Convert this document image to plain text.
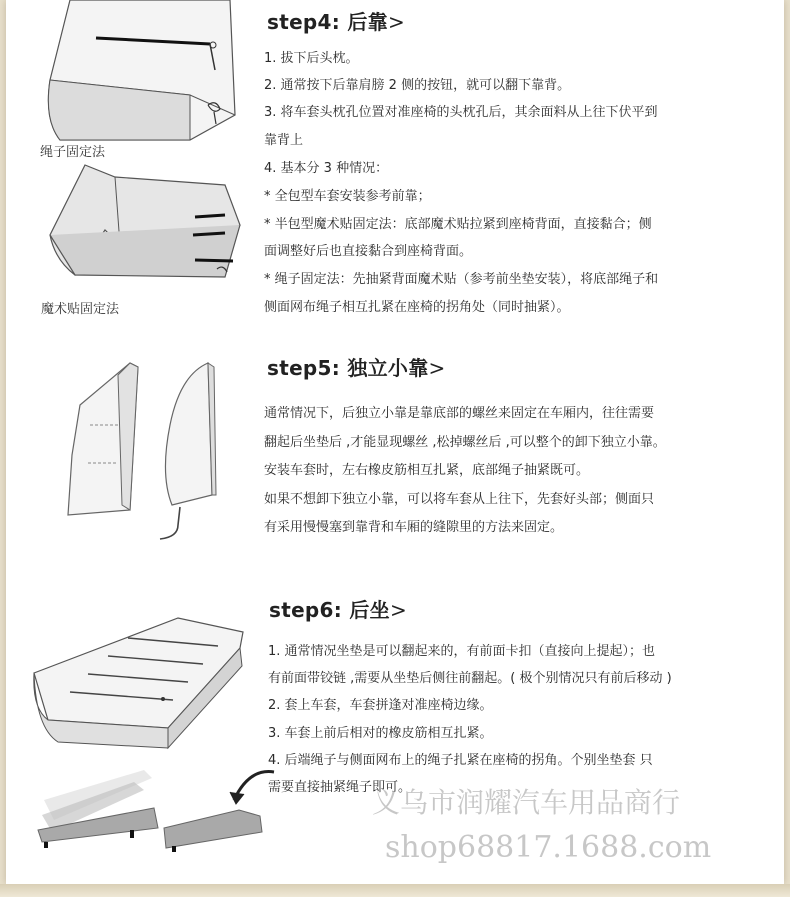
step4: 后靠>
1. 拔下后头枕。
2. 通常按下后靠肩膀 2 侧的按钮，就可以翻下靠背。
3. 将车套头枕孔位置对准座椅的头枕孔后，其余面料从上往下伏平到
靠背上
4. 基本分 3 种情况：
* 全包型车套安装参考前靠；
* 半包型魔术贴固定法：底部魔术贴拉紧到座椅背面，直接黏合；侧
面调整好后也直接黏合到座椅背面。
* 绳子固定法：先抽紧背面魔术贴（参考前坐垫安装），将底部绳子和
侧面网布绳子相互扎紧在座椅的拐角处（同时抽紧）。
绳子固定法
魔术贴固定法
step5: 独立小靠>
通常情况下，后独立小靠是靠底部的螺丝来固定在车厢内，往往需要
翻起后坐垫后 ,才能显现螺丝 ,松掉螺丝后 ,可以整个的卸下独立小靠。
安装车套时，左右橡皮筋相互扎紧，底部绳子抽紧既可。
如果不想卸下独立小靠，可以将车套从上往下，先套好头部；侧面只
有采用慢慢塞到靠背和车厢的缝隙里的方法来固定。
step6: 后坐>
1. 通常情况坐垫是可以翻起来的，有前面卡扣（直接向上提起）；也
有前面带铰链 ,需要从坐垫后侧往前翻起。( 极个别情况只有前后移动 )
2. 套上车套，车套拼逢对准座椅边缘。
3. 车套上前后相对的橡皮筋相互扎紧。
4. 后端绳子与侧面网布上的绳子扎紧在座椅的拐角。个别坐垫套 只
需要直接抽紧绳子即可。
义乌市润耀汽车用品商行
shop68817.1688.com
